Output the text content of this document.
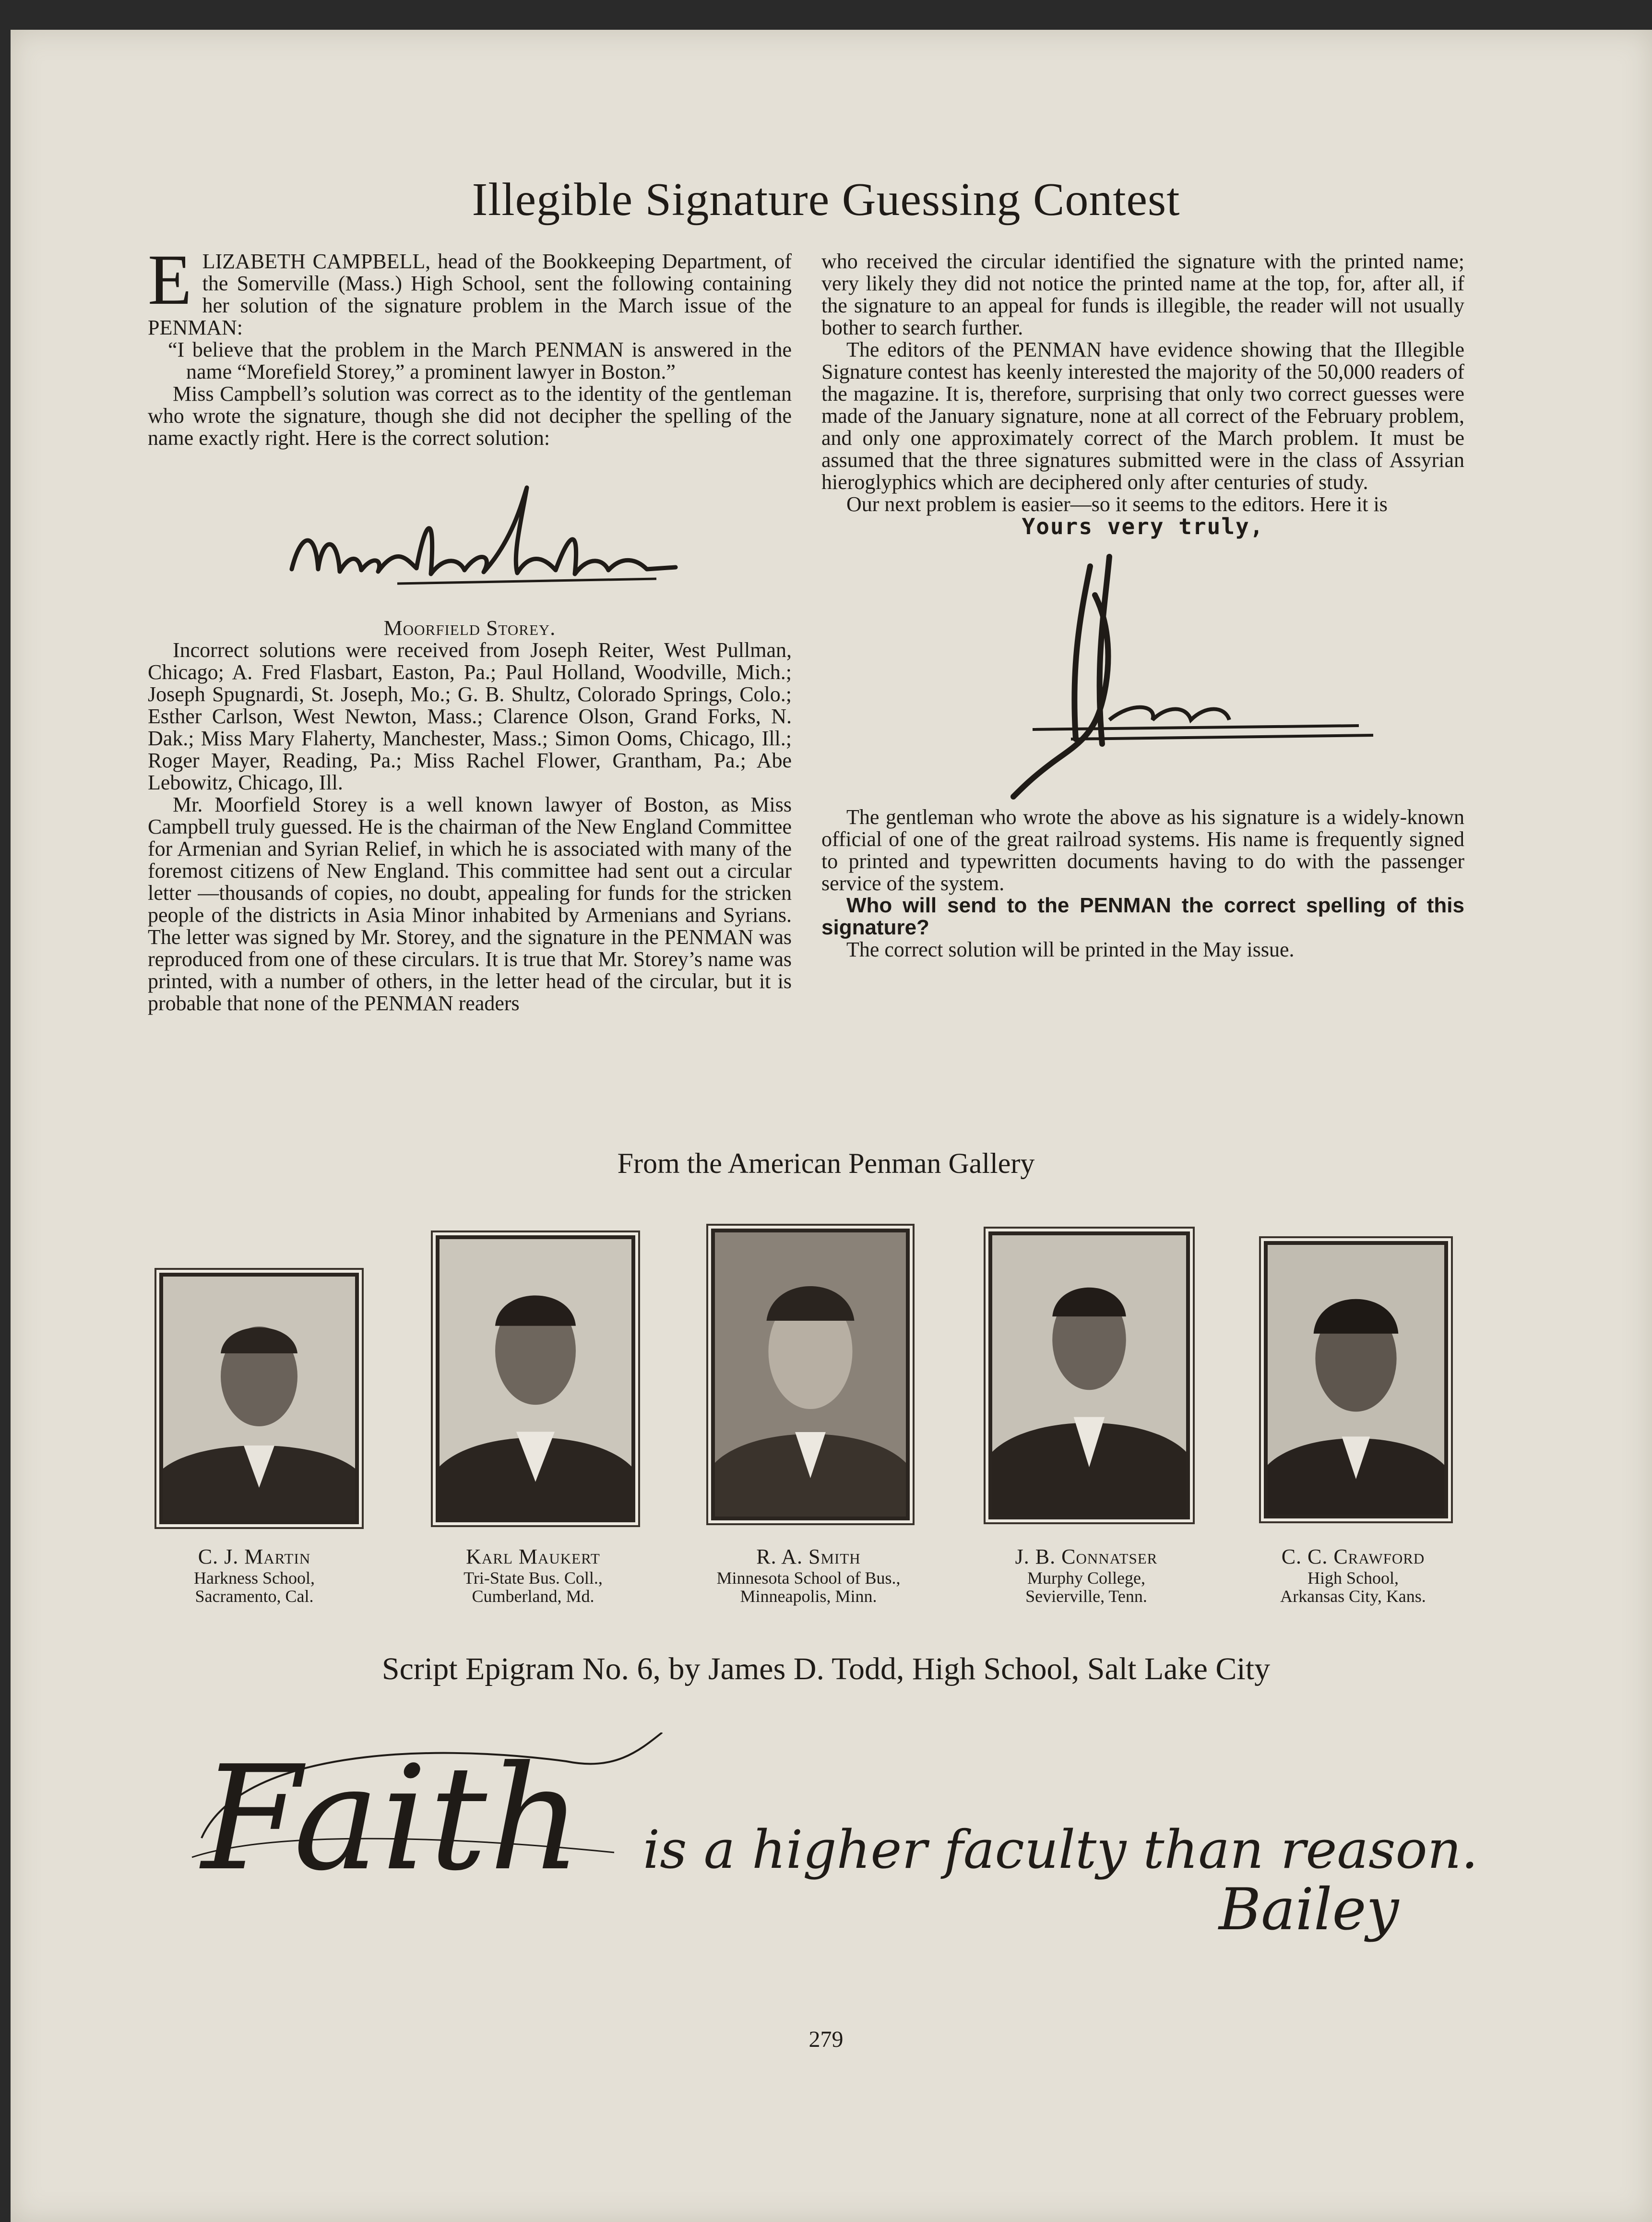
Illegible Signature Guessing Contest

ELIZABETH CAMPBELL, head of the Bookkeeping Department, of the Somerville (Mass.) High School, sent the following containing her solution of the signature problem in the March issue of the PENMAN:

“I believe that the problem in the March PENMAN is answered in the name “Morefield Storey,” a prominent lawyer in Boston.”

Miss Campbell’s solution was correct as to the identity of the gentleman who wrote the signature, though she did not decipher the spelling of the name exactly right. Here is the correct solution:

Moorfield Storey.

Incorrect solutions were received from Joseph Reiter, West Pullman, Chicago; A. Fred Flasbart, Easton, Pa.; Paul Holland, Woodville, Mich.; Joseph Spugnardi, St. Joseph, Mo.; G. B. Shultz, Colorado Springs, Colo.; Esther Carlson, West Newton, Mass.; Clarence Olson, Grand Forks, N. Dak.; Miss Mary Flaherty, Manchester, Mass.; Simon Ooms, Chicago, Ill.; Roger Mayer, Reading, Pa.; Miss Rachel Flower, Grantham, Pa.; Abe Lebowitz, Chicago, Ill.

Mr. Moorfield Storey is a well known lawyer of Boston, as Miss Campbell truly guessed. He is the chairman of the New England Committee for Armenian and Syrian Relief, in which he is associated with many of the foremost citizens of New England. This committee had sent out a circular letter —thousands of copies, no doubt, appealing for funds for the stricken people of the districts in Asia Minor inhabited by Armenians and Syrians. The letter was signed by Mr. Storey, and the signature in the PENMAN was reproduced from one of these circulars. It is true that Mr. Storey’s name was printed, with a number of others, in the letter head of the circular, but it is probable that none of the PENMAN readers

who received the circular identified the signature with the printed name; very likely they did not notice the printed name at the top, for, after all, if the signature to an appeal for funds is illegible, the reader will not usually bother to search further.

The editors of the PENMAN have evidence showing that the Illegible Signature contest has keenly interested the majority of the 50,000 readers of the magazine. It is, therefore, surprising that only two correct guesses were made of the January signature, none at all correct of the February problem, and only one approximately correct of the March problem. It must be assumed that the three signatures submitted were in the class of Assyrian hieroglyphics which are deciphered only after centuries of study.

Our next problem is easier—so it seems to the editors. Here it is

Yours very truly,

The gentleman who wrote the above as his signature is a widely-known official of one of the great railroad systems. His name is frequently signed to printed and typewritten documents having to do with the passenger service of the system.

Who will send to the PENMAN the correct spelling of this signature?

The correct solution will be printed in the May issue.

From the American Penman Gallery
C. J. Martin
Harkness School,
Sacramento, Cal.
Karl Maukert
Tri-State Bus. Coll.,
Cumberland, Md.
R. A. Smith
Minnesota School of Bus.,
Minneapolis, Minn.
J. B. Connatser
Murphy College,
Sevierville, Tenn.
C. C. Crawford
High School,
Arkansas City, Kans.
Script Epigram No. 6, by James D. Todd, High School, Salt Lake City
Faith is a higher faculty than reason.
Bailey
279
